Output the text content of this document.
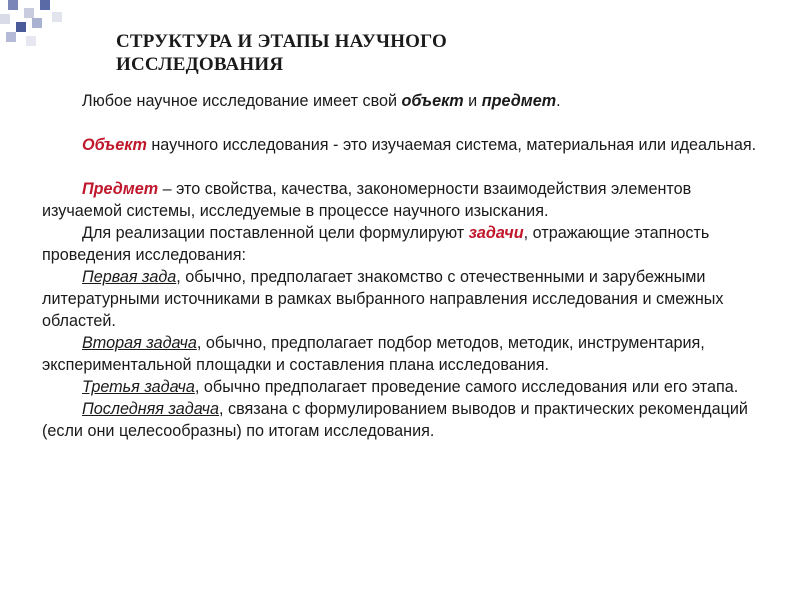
СТРУКТУРА И ЭТАПЫ НАУЧНОГО
ИССЛЕДОВАНИЯ

Любое научное исследование имеет свой объект и предмет.

Объект научного исследования - это изучаемая система, материальная или идеальная.

Предмет – это свойства, качества, закономерности взаимодействия элементов изучаемой системы, исследуемые в процессе научного изыскания.

Для реализации поставленной цели формулируют задачи, отражающие этапность проведения исследования:

Первая зада, обычно, предполагает знакомство с отечественными и зарубежными литературными источниками в рамках выбранного направления исследования и смежных областей.

Вторая задача, обычно, предполагает подбор методов, методик, инструментария, экспериментальной площадки и составления плана исследования.

Третья задача, обычно предполагает проведение самого исследования или его этапа.

Последняя задача, связана с формулированием выводов и практических рекомендаций (если они целесообразны) по итогам исследования.
